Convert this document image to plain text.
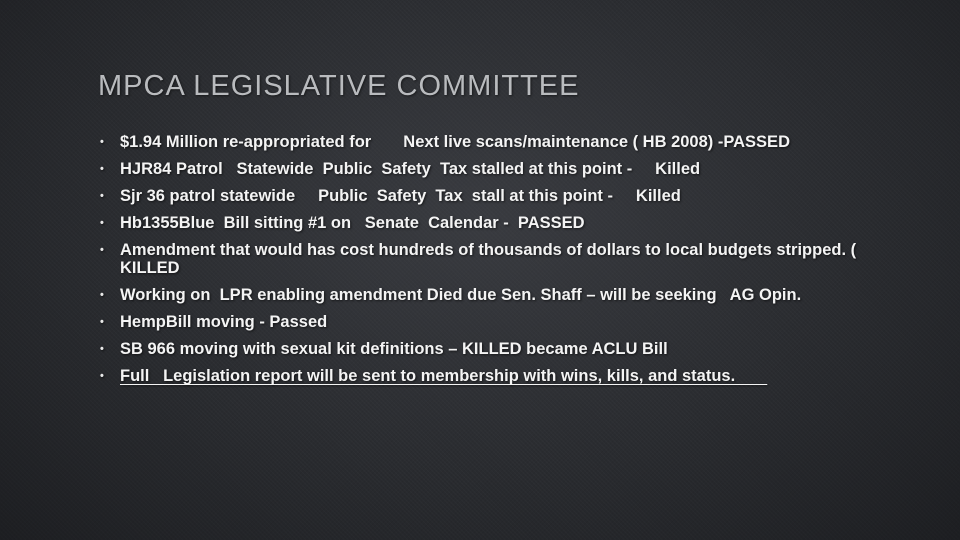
MPCA LEGISLATIVE COMMITTEE
• $1.94 Million re-appropriated for       Next live scans/maintenance ( HB 2008) -PASSED
• HJR84 Patrol   Statewide  Public  Safety  Tax stalled at this point -     Killed
• Sjr 36 patrol statewide     Public  Safety  Tax  stall at this point -     Killed
• Hb1355Blue  Bill sitting #1 on   Senate  Calendar -  PASSED
• Amendment that would has cost hundreds of thousands of dollars to local budgets stripped. (  KILLED
• Working on  LPR enabling amendment Died due Sen. Shaff – will be seeking   AG Opin.
• HempBill moving - Passed
• SB 966 moving with sexual kit definitions – KILLED became ACLU Bill
• Full   Legislation report will be sent to membership with wins, kills, and status.
